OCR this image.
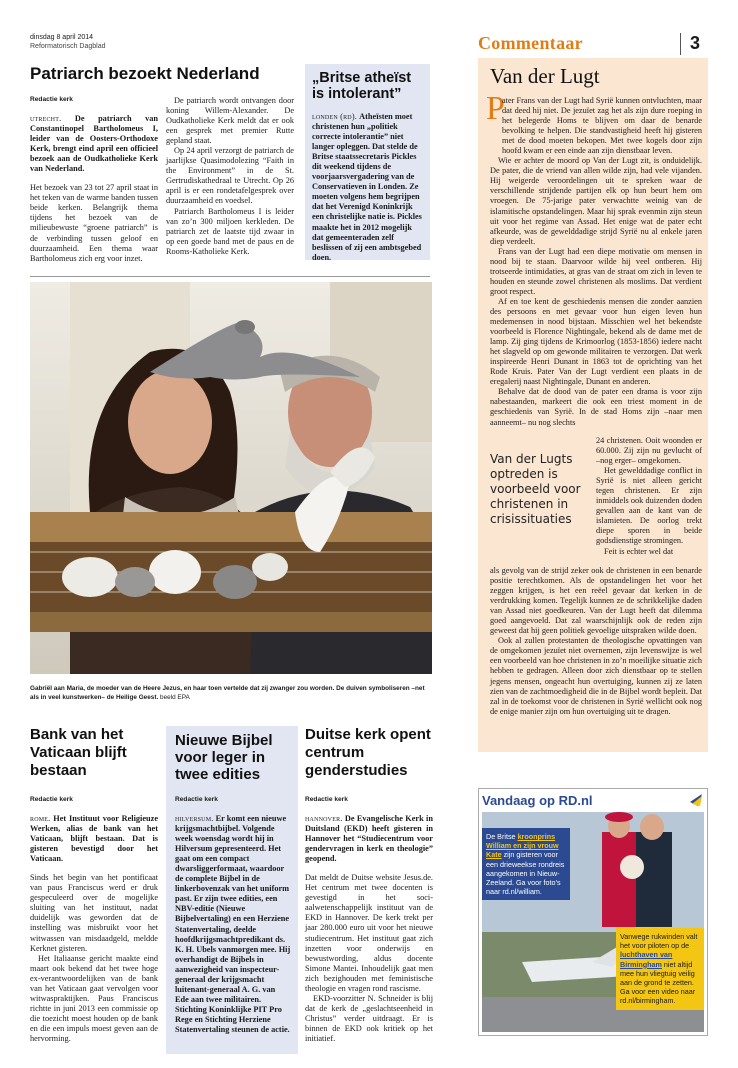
dinsdag 8 april 2014
Reformatorisch Dagblad	Commentaar	3
Patriarch bezoekt Nederland
Redactie kerk

utrecht. De patriarch van Constantinopel Bartholomeus I, leider van de Oosters-Orthodoxe Kerk, brengt eind april een officieel bezoek aan de Oudkatholieke Kerk van Nederland.

Het bezoek van 23 tot 27 april staat in het teken van de warme banden tussen beide kerken. Belangrijk thema tijdens het bezoek van de milieubewuste “groene patriarch” is de verbinding tussen geloof en duurzaamheid. Een thema waar Bartholomeus zich erg voor inzet.

De patriarch wordt ontvangen door koning Willem-Alexander. De Oudkatholieke Kerk meldt dat er ook een gesprek met premier Rutte gepland staat.

Op 24 april verzorgt de patriarch de jaarlijkse Quasimodolezing “Faith in the Environment” in de St. Gertrudiskathedraal te Utrecht. Op 26 april is er een rondetafelgesprek over duurzaamheid en voedsel.

Patriarch Bartholomeus I is leider van zo’n 300 miljoen kerkleden. De patriarch zet de laatste tijd zwaar in op een goede band met de paus en de Rooms-Katholieke Kerk.

„Britse atheïst is intolerant”

londen (rd). Atheïsten moet christenen hun „politiek correcte intolerantie” niet langer opleggen. Dat stelde de Britse staatssecretaris Pickles dit weekend tijdens de voorjaarsvergadering van de Conservatieven in Londen. Ze moeten volgens hem begrijpen dat het Verenigd Koninkrijk een christelijke natie is. Pickles maakte het in 2012 mogelijk dat gemeenteraden zelf beslissen of zij een ambtsgebed doen.

Gabriël aan Maria, de moeder van de Heere Jezus, en haar toen vertelde dat zij zwanger zou worden. De duiven symboliseren –net als in veel kunstwerken– de Heilige Geest. beeld EPA
Van der Lugt
P

ater Frans van der Lugt had Syrië kunnen ontvluchten, maar dat deed hij niet. De jezuïet zag het als zijn dure roeping in het belegerde Homs te blijven om daar de benarde bevolking te helpen. Die standvastigheid heeft hij gisteren met de dood moeten bekopen. Met twee kogels door zijn hoofd kwam er een einde aan zijn dienstbaar leven.

Wie er achter de moord op Van der Lugt zit, is onduidelijk. De pater, die de vriend van allen wilde zijn, had vele vijanden. Hij weigerde veroordelingen uit te spreken waar de verschillende strijdende partijen elk op hun beurt hem om vroegen. De 75-jarige pater verwachtte weinig van de islamitische opstandelingen. Maar hij sprak evenmin zijn steun uit voor het regime van Assad. Het enige wat de pater echt afkeurde, was de gewelddadige strijd Syrië nu al enkele jaren diep verdeelt.

Frans van der Lugt had een diepe motivatie om mensen in nood bij te staan. Daarvoor wilde hij veel ontberen. Hij trotseerde intimidaties, at gras van de straat om zich in leven te houden en steunde zowel christenen als moslims. Dat verdient groot respect.

Af en toe kent de geschiedenis mensen die zonder aanzien des persoons en met gevaar voor hun eigen leven hun medemensen in nood bijstaan. Misschien wel het bekendste voorbeeld is Florence Nightingale, bekend als de dame met de lamp. Zij ging tijdens de Krimoorlog (1853-1856) iedere nacht het slagveld op om gewonde militairen te verzorgen. Dat werk inspireerde Henri Dunant in 1863 tot de oprichting van het Rode Kruis. Pater Van der Lugt verdient een plaats in de eregalerij naast Nightingale, Dunant en anderen.

Behalve dat de dood van de pater een drama is voor zijn nabestaanden, markeert die ook een triest moment in de geschiedenis van Syrië. In de stad Homs zijn –naar men aanneemt– nu nog slechts

Van der Lugts optreden is voorbeeld voor christenen in crisissituaties

24 christenen. Ooit woonden er 60.000. Zij zijn nu gevlucht of –nog erger– omgekomen.

Het gewelddadige conflict in Syrië is niet alleen gericht tegen christenen. Er zijn inmiddels ook duizenden doden gevallen aan de kant van de islamieten. De oorlog trekt diepe sporen in beide godsdienstige stromingen.

Feit is echter wel dat

als gevolg van de strijd zeker ook de christenen in een benarde positie terechtkomen. Als de opstandelingen het voor het zeggen krijgen, is het een reëel gevaar dat kerken in de verdrukking komen. Tegelijk kunnen ze de schrikkelijke daden van Assad niet goedkeuren. Van der Lugt heeft dat dilemma goed aangevoeld. Dat zal waarschijnlijk ook de reden zijn geweest dat hij geen politiek gevoelige uitspraken wilde doen.

Ook al zullen protestanten de theologische opvattingen van de omgekomen jezuïet niet overnemen, zijn levenswijze is wel een voorbeeld van hoe christenen in zo’n moeilijke situatie zich hebben te gedragen. Alleen door zich dienstbaar op te stellen jegens mensen, ongeacht hun overtuiging, kunnen zij ze laten zien van de zachtmoedigheid die in de Bijbel wordt bepleit. Dat zal in de toekomst voor de christenen in Syrië wellicht ook nog de enige manier zijn om hun overtuiging uit te dragen.

Bank van het Vaticaan blijft bestaan
Redactie kerk

rome. Het Instituut voor Religieuze Werken, alias de bank van het Vaticaan, blijft bestaan. Dat is gisteren bevestigd door het Vaticaan.

Sinds het begin van het pontificaat van paus Franciscus werd er druk gespeculeerd over de mogelijke sluiting van het instituut, nadat duidelijk was geworden dat de instelling was misbruikt voor het witwassen van misdaadgeld, meldde Kerknet gisteren.

Het Italiaanse gericht maakte eind maart ook bekend dat het twee hoge ex-verantwoordelijken van de bank van het Vaticaan gaat vervolgen voor witwaspraktijken. Paus Franciscus richtte in juni 2013 een commissie op die toezicht moest houden op de bank en die een impuls moest geven aan de hervorming.

Nieuwe Bijbel voor leger in twee edities
Redactie kerk

hilversum. Er komt een nieuwe krijgsmachtbijbel. Volgende week woensdag wordt hij in Hilversum gepresenteerd. Het gaat om een compact dwarsliggerformaat, waardoor de complete Bijbel in de linkerbovenzak van het uniform past. Er zijn twee edities, een NBV-editie (Nieuwe Bijbelvertaling) en een Herziene Statenvertaling, deelde hoofdkrijgsmachtpredikant ds. K. H. Ubels vanmorgen mee. Hij overhandigt de Bijbels in aanwezigheid van inspecteur-generaal der krijgsmacht luitenant-generaal A. G. van Ede aan twee militairen. Stichting Koninklijke PIT Pro Rege en Stichting Herziene Statenvertaling steunen de actie.

Duitse kerk opent centrum genderstudies
Redactie kerk

hannover. De Evangelische Kerk in Duitsland (EKD) heeft gisteren in Hannover het “Studiecentrum voor gendervragen in kerk en theologie” geopend.

Dat meldt de Duitse website Jesus.de. Het centrum met twee docenten is gevestigd in het sociaalwetenschappelijk instituut van de EKD in Hannover. De kerk trekt per jaar 280.000 euro uit voor het nieuwe studiecentrum. Het instituut gaat zich inzetten voor onderwijs en bewustwording, aldus docente Simone Mantei. Inhoudelijk gaat men zich bezighouden met feministische theologie en vragen rond rascisme.

EKD-voorzitter N. Schneider is blij dat de kerk de „geslachtseenheid in Christus” verder uitdraagt. Er is binnen de EKD ook kritiek op het initiatief.

Vandaag op RD.nl
De Britse kroonprins William en zijn vrouw Kate zijn gisteren voor een drieweekse rondreis aangekomen in Nieuw-Zeeland. Ga voor foto’s naar rd.nl/william.
Vanwege rukwinden valt het voor piloten op de luchthaven van Birmingham niet altijd mee hun vliegtuig veilig aan de grond te zetten. Ga voor een video naar rd.nl/birmingham.
